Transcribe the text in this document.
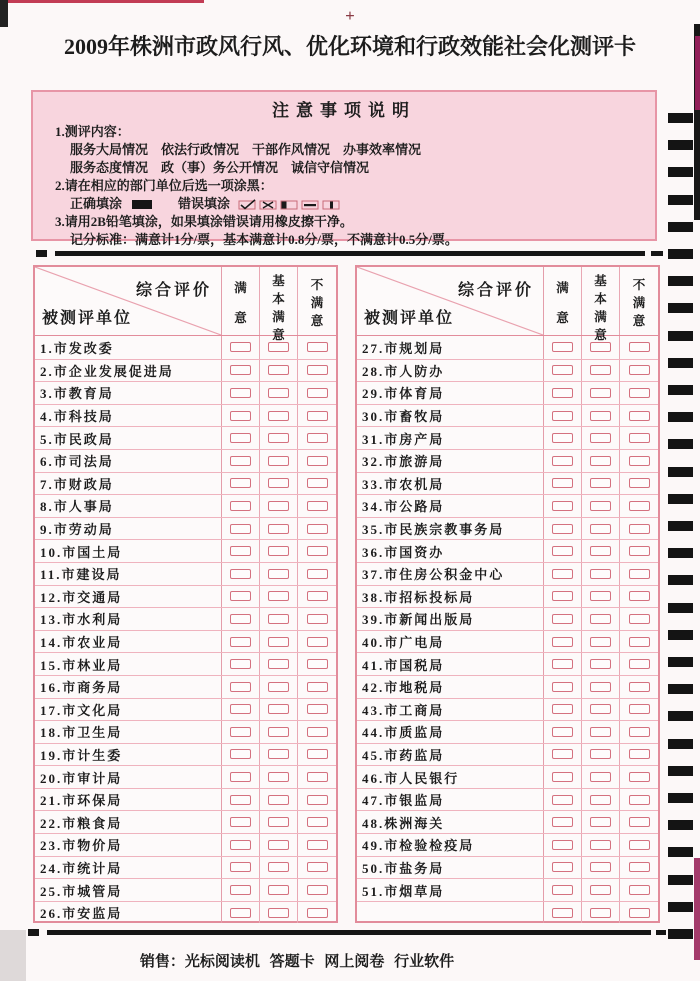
+
2009年株洲市政风行风、优化环境和行政效能社会化测评卡
注意事项说明
1.测评内容：
服务大局情况　依法行政情况　干部作风情况　办事效率情况
服务态度情况　政（事）务公开情况　诚信守信情况
2.请在相应的部门单位后选一项涂黑：
正确填涂	错误填涂
3.请用2B铅笔填涂，如果填涂错误请用橡皮擦干净。
记分标准：满意计1分/票，基本满意计0.8分/票，不满意计0.5分/票。
综合评价
被测评单位
满
意
基
本
满
意
不
满
意
1.市发改委
2.市企业发展促进局
3.市教育局
4.市科技局
5.市民政局
6.市司法局
7.市财政局
8.市人事局
9.市劳动局
10.市国土局
11.市建设局
12.市交通局
13.市水利局
14.市农业局
15.市林业局
16.市商务局
17.市文化局
18.市卫生局
19.市计生委
20.市审计局
21.市环保局
22.市粮食局
23.市物价局
24.市统计局
25.市城管局
26.市安监局
综合评价
被测评单位
满
意
基
本
满
意
不
满
意
27.市规划局
28.市人防办
29.市体育局
30.市畜牧局
31.市房产局
32.市旅游局
33.市农机局
34.市公路局
35.市民族宗教事务局
36.市国资办
37.市住房公积金中心
38.市招标投标局
39.市新闻出版局
40.市广电局
41.市国税局
42.市地税局
43.市工商局
44.市质监局
45.市药监局
46.市人民银行
47.市银监局
48.株洲海关
49.市检验检疫局
50.市盐务局
51.市烟草局
销售：光标阅读机 答题卡 网上阅卷 行业软件
